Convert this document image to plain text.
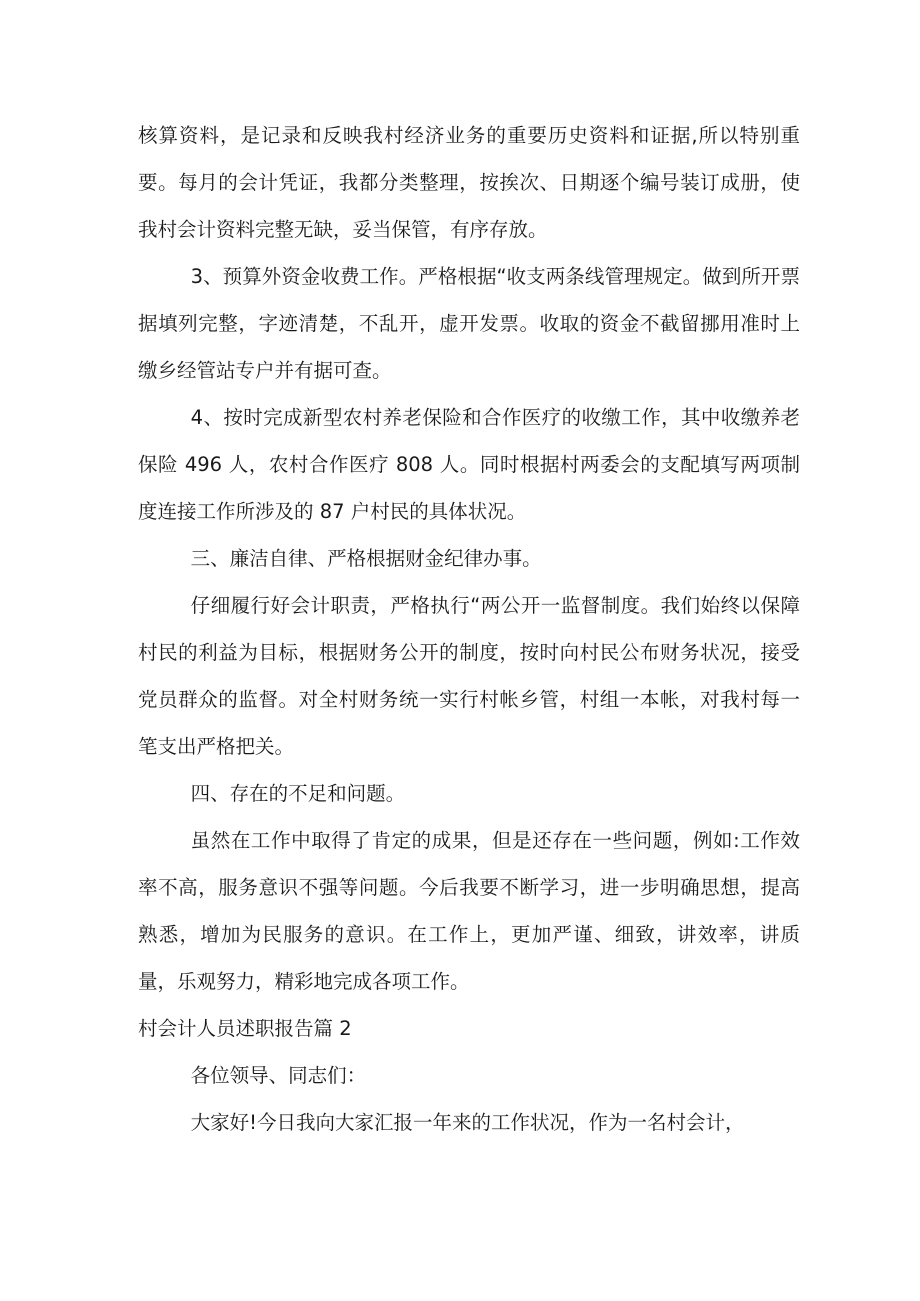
核算资料，是记录和反映我村经济业务的重要历史资料和证据,所以特别重要。每月的会计凭证，我都分类整理，按挨次、日期逐个编号装订成册，使我村会计资料完整无缺，妥当保管，有序存放。

3、预算外资金收费工作。严格根据“收支两条线管理规定。做到所开票据填列完整，字迹清楚，不乱开，虚开发票。收取的资金不截留挪用准时上缴乡经管站专户并有据可查。

4、按时完成新型农村养老保险和合作医疗的收缴工作，其中收缴养老保险 496 人，农村合作医疗 808 人。同时根据村两委会的支配填写两项制度连接工作所涉及的 87 户村民的具体状况。

三、廉洁自律、严格根据财金纪律办事。

仔细履行好会计职责，严格执行“两公开一监督制度。我们始终以保障村民的利益为目标，根据财务公开的制度，按时向村民公布财务状况，接受党员群众的监督。对全村财务统一实行村帐乡管，村组一本帐，对我村每一笔支出严格把关。

四、存在的不足和问题。

虽然在工作中取得了肯定的成果，但是还存在一些问题，例如:工作效率不高，服务意识不强等问题。今后我要不断学习，进一步明确思想，提高熟悉，增加为民服务的意识。在工作上，更加严谨、细致，讲效率，讲质量，乐观努力，精彩地完成各项工作。

村会计人员述职报告篇 2

各位领导、同志们：

大家好!今日我向大家汇报一年来的工作状况，作为一名村会计，
